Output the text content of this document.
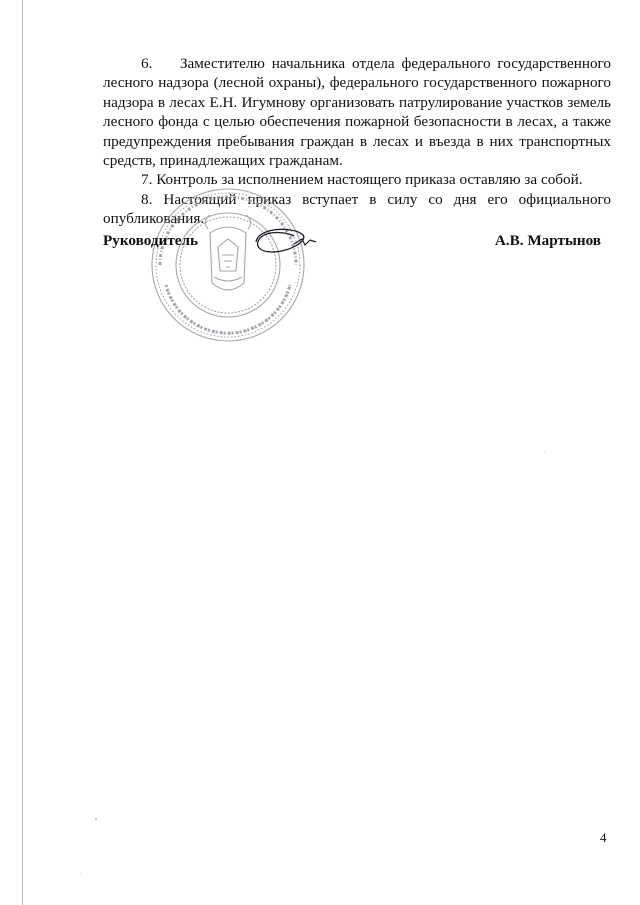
6. Заместителю начальника отдела федерального государственного лесного надзора (лесной охраны), федерального государственного пожарного надзора в лесах Е.Н. Игумнову организовать патрулирование участков земель лесного фонда с целью обеспечения пожарной безопасности в лесах, а также предупреждения пребывания граждан в лесах и въезда в них транспортных средств, принадлежащих гражданам.

7. Контроль за исполнением настоящего приказа оставляю за собой.

8. Настоящий приказ вступает в силу со дня его официального опубликования.

Руководитель	А.В. Мартынов
4
